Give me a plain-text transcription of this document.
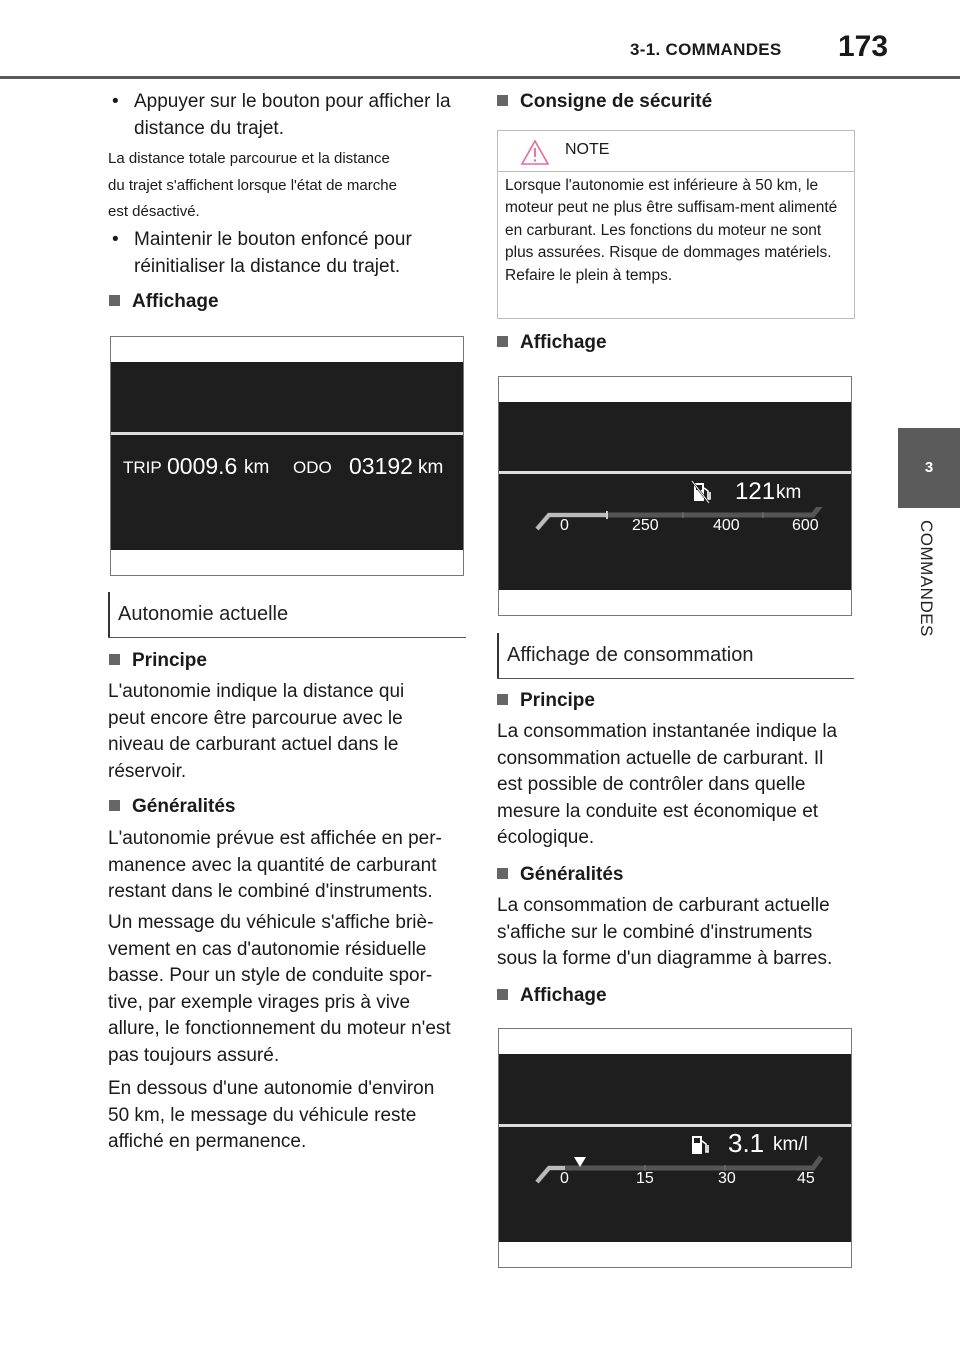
3-1. COMMANDES 173
3
COMMANDES
• Appuyer sur le bouton pour afficher la distance du trajet.
La distance totale parcourue et la distance
du trajet s'affichent lorsque l'état de marche
est désactivé.
• Maintenir le bouton enfoncé pour réinitialiser la distance du trajet.
Affichage
TRIP 0009.6 km ODO 03192 km
Autonomie actuelle
Principe
L'autonomie indique la distance qui peut encore être parcourue avec le niveau de carburant actuel dans le réservoir.
Généralités
L'autonomie prévue est affichée en per-manence avec la quantité de carburant restant dans le combiné d'instruments.
Un message du véhicule s'affiche briè-vement en cas d'autonomie résiduelle basse. Pour un style de conduite spor-tive, par exemple virages pris à vive allure, le fonctionnement du moteur n'est pas toujours assuré.
En dessous d'une autonomie d'environ 50 km, le message du véhicule reste affiché en permanence.
Consigne de sécurité
NOTE
Lorsque l'autonomie est inférieure à 50 km, le moteur peut ne plus être suffisam-ment alimenté en carburant. Les fonctions du moteur ne sont plus assurées. Risque de dommages matériels. Refaire le plein à temps.
Affichage
121 km
0	250	400	600
Affichage de consommation
Principe
La consommation instantanée indique la consommation actuelle de carburant. Il est possible de contrôler dans quelle mesure la conduite est économique et écologique.
Généralités
La consommation de carburant actuelle s'affiche sur le combiné d'instruments sous la forme d'un diagramme à barres.
Affichage
3.1 km/l
0	15	30	45
